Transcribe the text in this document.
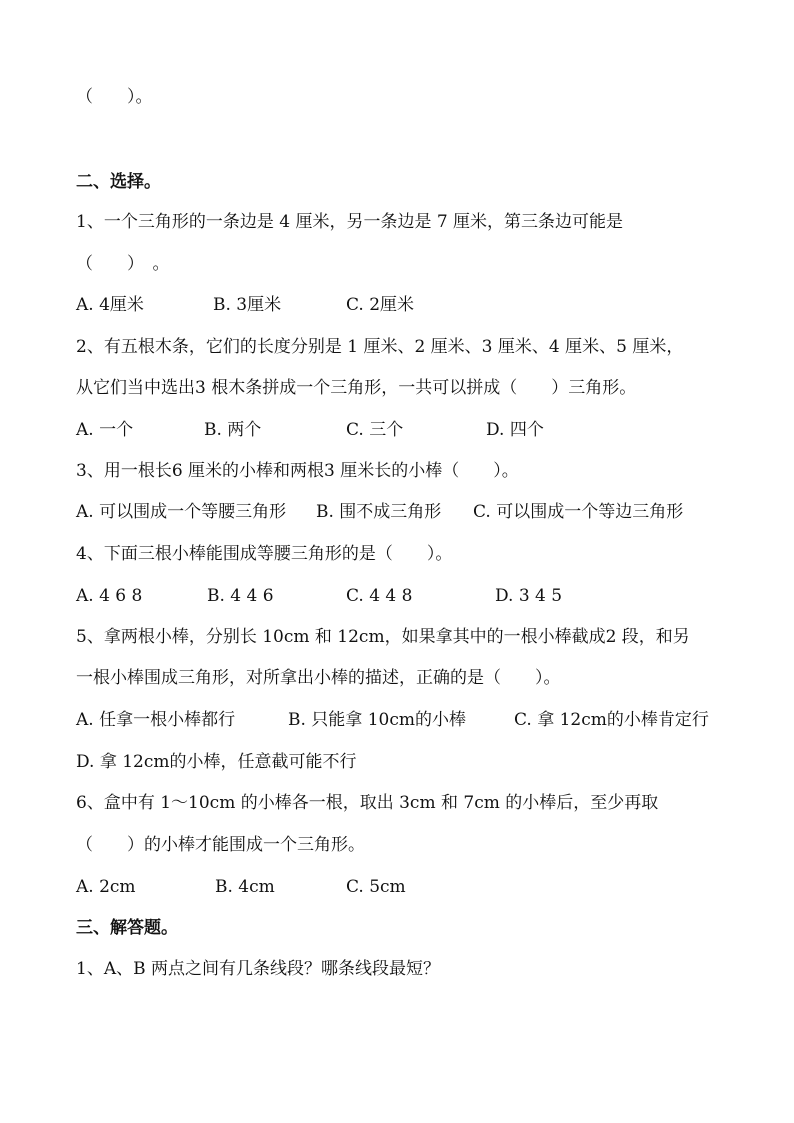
（　　）。
二、选择。
1、一个三角形的一条边是 4 厘米，另一条边是 7 厘米，第三条边可能是
（　　）　。
A. 4厘米	B. 3厘米	C. 2厘米
2、有五根木条，它们的长度分别是 1 厘米、2 厘米、3 厘米、4 厘米、5 厘米，
从它们当中选出3 根木条拼成一个三角形，一共可以拼成（　　）三角形。
A. 一个	B. 两个	C. 三个	D. 四个
3、用一根长6 厘米的小棒和两根3 厘米长的小棒（　　）。
A. 可以围成一个等腰三角形	B. 围不成三角形	C. 可以围成一个等边三角形
4、下面三根小棒能围成等腰三角形的是（　　）。
A. 4 6 8	B. 4 4 6	C. 4 4 8	D. 3 4 5
5、拿两根小棒，分别长 10cm 和 12cm，如果拿其中的一根小棒截成2 段，和另
一根小棒围成三角形，对所拿出小棒的描述，正确的是（　　）。
A. 任拿一根小棒都行	B. 只能拿 10cm的小棒	C. 拿 12cm的小棒肯定行
D. 拿 12cm的小棒，任意截可能不行
6、盒中有 1～10cm 的小棒各一根，取出 3cm 和 7cm 的小棒后，至少再取
（　　）的小棒才能围成一个三角形。
A. 2cm	B. 4cm	C. 5cm
三、解答题。
1、A、B 两点之间有几条线段？哪条线段最短？
